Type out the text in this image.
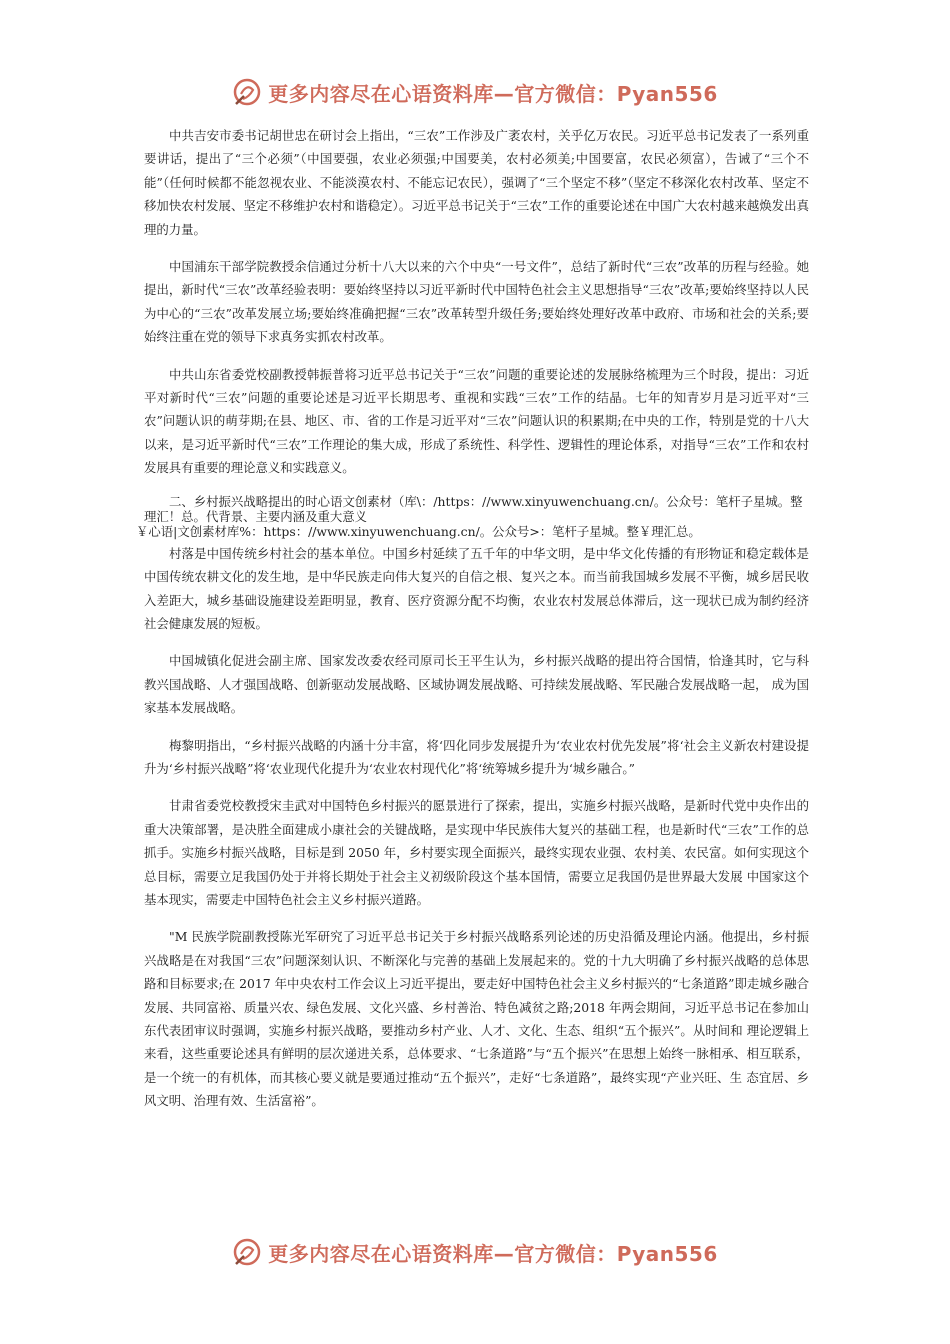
更多内容尽在心语资料库—官方微信：Pyan556

中共吉安市委书记胡世忠在研讨会上指出，“三农”工作涉及广袤农村，关乎亿万农民。习近平总书记发表了一系列重要讲话，提出了“三个必须”（中国要强，农业必须强;中国要美，农村必须美;中国要富，农民必须富），告诫了“三个不能”（任何时候都不能忽视农业、不能淡漠农村、不能忘记农民），强调了“三个坚定不移”（坚定不移深化农村改革、坚定不移加快农村发展、坚定不移维护农村和谐稳定）。习近平总书记关于“三农”工作的重要论述在中国广大农村越来越焕发出真理的力量。

中国浦东干部学院教授余信通过分析十八大以来的六个中央“一号文件”，总结了新时代“三农”改革的历程与经验。她提出，新时代“三农”改革经验表明：要始终坚持以习近平新时代中国特色社会主义思想指导“三农”改革;要始终坚持以人民为中心的“三农”改革发展立场;要始终准确把握“三农”改革转型升级任务;要始终处理好改革中政府、市场和社会的关系;要始终注重在党的领导下求真务实抓农村改革。

中共山东省委党校副教授韩振普将习近平总书记关于“三农”问题的重要论述的发展脉络梳理为三个时段，提出：习近平对新时代“三农”问题的重要论述是习近平长期思考、重视和实践“三农”工作的结晶。七年的知青岁月是习近平对“三农”问题认识的萌芽期;在县、地区、市、省的工作是习近平对“三农”问题认识的积累期;在中央的工作，特别是党的十八大以来，是习近平新时代“三农”工作理论的集大成，形成了系统性、科学性、逻辑性的理论体系，对指导“三农”工作和农村发展具有重要的理论意义和实践意义。

二、乡村振兴战略提出的时心语文创素材（库\：/https：//www.xinyuwenchuang.cn/。公众号：笔杆子星城。整理汇！总。代背景、主要内涵及重大意义

￥心语|文创素材库%：https：//www.xinyuwenchuang.cn/。公众号>：笔杆子星城。整￥理汇总。

村落是中国传统乡村社会的基本单位。中国乡村延续了五千年的中华文明，是中华文化传播的有形物证和稳定载体是中国传统农耕文化的发生地，是中华民族走向伟大复兴的自信之根、复兴之本。而当前我国城乡发展不平衡，城乡居民收入差距大，城乡基础设施建设差距明显，教育、医疗资源分配不均衡，农业农村发展总体滞后，这一现状已成为制约经济社会健康发展的短板。

中国城镇化促进会副主席、国家发改委农经司原司长王平生认为，乡村振兴战略的提出符合国情，恰逢其时，它与科教兴国战略、人才强国战略、创新驱动发展战略、区域协调发展战略、可持续发展战略、军民融合发展战略一起， 成为国家基本发展战略。

梅黎明指出，“乡村振兴战略的内涵十分丰富，将‘四化同步发展提升为‘农业农村优先发展”将‘社会主义新农村建设提升为‘乡村振兴战略”将‘农业现代化提升为‘农业农村现代化”将‘统筹城乡提升为‘城乡融合。”

甘肃省委党校教授宋圭武对中国特色乡村振兴的愿景进行了探索，提出，实施乡村振兴战略，是新时代党中央作出的重大决策部署，是决胜全面建成小康社会的关键战略，是实现中华民族伟大复兴的基础工程，也是新时代“三农”工作的总抓手。实施乡村振兴战略，目标是到 2050 年，乡村要实现全面振兴，最终实现农业强、农村美、农民富。如何实现这个总目标，需要立足我国仍处于并将长期处于社会主义初级阶段这个基本国情，需要立足我国仍是世界最大发展 中国家这个基本现实，需要走中国特色社会主义乡村振兴道路。

"M 民族学院副教授陈光军研究了习近平总书记关于乡村振兴战略系列论述的历史沿循及理论内涵。他提出，乡村振兴战略是在对我国“三农”问题深刻认识、不断深化与完善的基础上发展起来的。党的十九大明确了乡村振兴战略的总体思路和目标要求;在 2017 年中央农村工作会议上习近平提出，要走好中国特色社会主义乡村振兴的“七条道路”即走城乡融合发展、共同富裕、质量兴农、绿色发展、文化兴盛、乡村善治、特色减贫之路;2018 年两会期间，习近平总书记在参加山东代表团审议时强调，实施乡村振兴战略，要推动乡村产业、人才、文化、生态、组织“五个振兴”。从时间和 理论逻辑上来看，这些重要论述具有鲜明的层次递进关系，总体要求、“七条道路”与“五个振兴”在思想上始终一脉相承、相互联系，是一个统一的有机体，而其核心要义就是要通过推动“五个振兴”，走好“七条道路”，最终实现“产业兴旺、生 态宜居、乡风文明、治理有效、生活富裕”。

更多内容尽在心语资料库—官方微信：Pyan556
